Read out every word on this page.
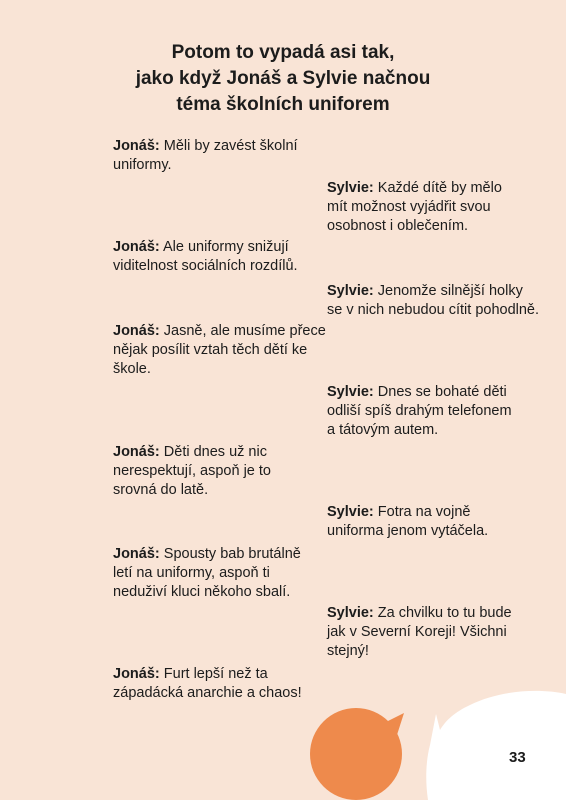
Potom to vypadá asi tak,
jako když Jonáš a Sylvie načnou
téma školních uniforem
Jonáš: Měli by zavést školní
uniformy.
Sylvie: Každé dítě by mělo
mít možnost vyjádřit svou
osobnost i oblečením.
Jonáš: Ale uniformy snižují
viditelnost sociálních rozdílů.
Sylvie: Jenomže silnější holky
se v nich nebudou cítit pohodlně.
Jonáš: Jasně, ale musíme přece
nějak posílit vztah těch dětí ke
škole.
Sylvie: Dnes se bohaté děti
odliší spíš drahým telefonem
a tátovým autem.
Jonáš: Děti dnes už nic
nerespektují, aspoň je to
srovná do latě.
Sylvie: Fotra na vojně
uniforma jenom vytáčela.
Jonáš: Spousty bab brutálně
letí na uniformy, aspoň ti
neduživí kluci někoho sbalí.
Sylvie: Za chvilku to tu bude
jak v Severní Koreji! Všichni
stejný!
Jonáš: Furt lepší než ta
západácká anarchie a chaos!
33
